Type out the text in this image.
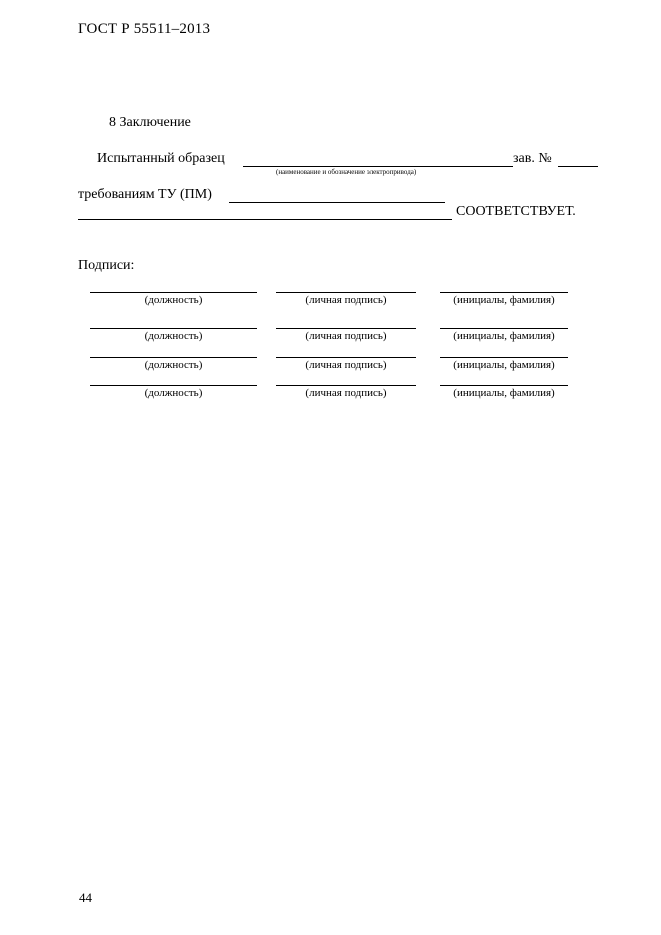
ГОСТ Р 55511–2013
8 Заключение
Испытанный образец
(наименование и обозначение электропривода)
зав. №
требованиям ТУ (ПМ)
СООТВЕТСТВУЕТ.
Подписи:
(должность)	(личная подпись)	(инициалы, фамилия)
(должность)	(личная подпись)	(инициалы, фамилия)
(должность)	(личная подпись)	(инициалы, фамилия)
(должность)	(личная подпись)	(инициалы, фамилия)
44
